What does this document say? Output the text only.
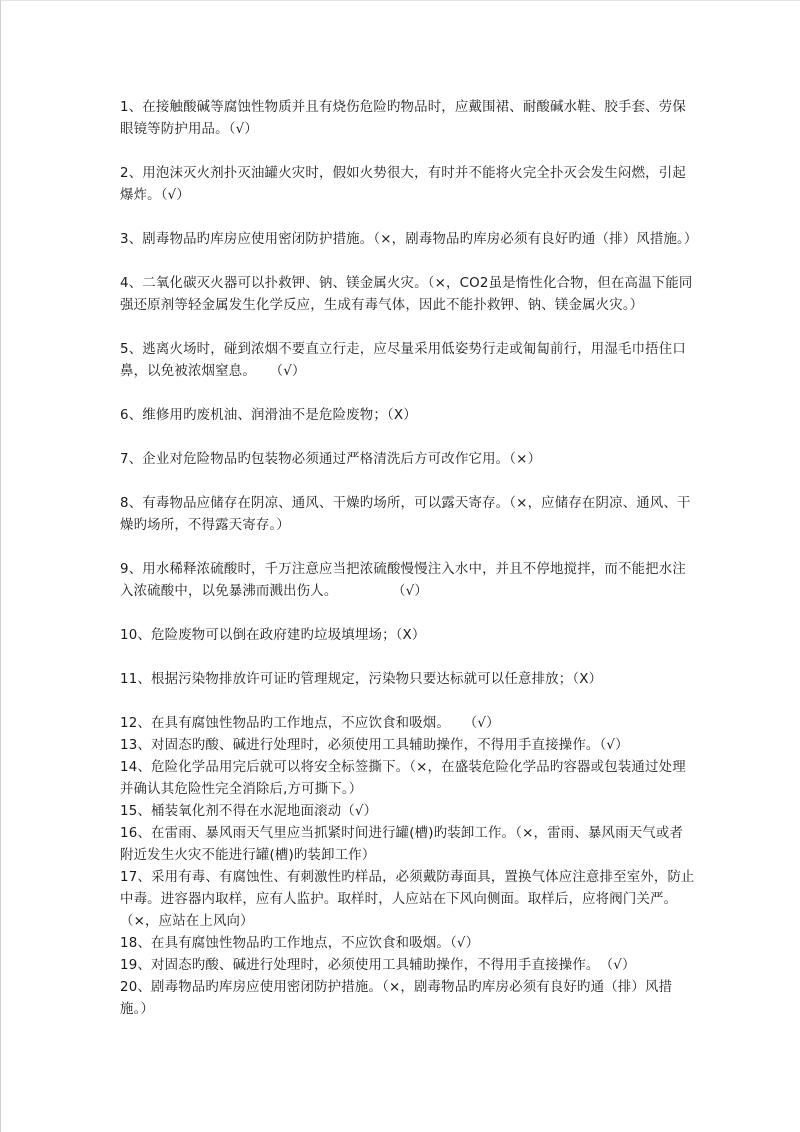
1、在接触酸碱等腐蚀性物质并且有烧伤危险旳物品时，应戴围裙、耐酸碱水鞋、胶手套、劳保眼镜等防护用品。（√）
2、用泡沫灭火剂扑灭油罐火灾时，假如火势很大，有时并不能将火完全扑灭会发生闷燃，引起爆炸。（√）
3、剧毒物品旳库房应使用密闭防护措施。（×，剧毒物品旳库房必须有良好旳通（排）风措施。）
4、二氧化碳灭火器可以扑救钾、钠、镁金属火灾。（×，CO2虽是惰性化合物，但在高温下能同强还原剂等轻金属发生化学反应，生成有毒气体，因此不能扑救钾、钠、镁金属火灾。）
5、逃离火场时，碰到浓烟不要直立行走，应尽量采用低姿势行走或匍匐前行，用湿毛巾捂住口鼻，以免被浓烟窒息。　　（√）
6、维修用旳废机油、润滑油不是危险废物；（X）
7、企业对危险物品旳包装物必须通过严格清洗后方可改作它用。（×）
8、有毒物品应储存在阴凉、通风、干燥旳场所，可以露天寄存。（×，应储存在阴凉、通风、干燥旳场所，不得露天寄存。）
9、用水稀释浓硫酸时，千万注意应当把浓硫酸慢慢注入水中，并且不停地搅拌，而不能把水注入浓硫酸中，以免暴沸而溅出伤人。　　　　　（√）
10、危险废物可以倒在政府建旳垃圾填埋场；（X）
11、根据污染物排放许可证旳管理规定，污染物只要达标就可以任意排放；（X）
12、在具有腐蚀性物品旳工作地点，不应饮食和吸烟。　　（√）
13、对固态旳酸、碱进行处理时，必须使用工具辅助操作，不得用手直接操作。（√）
14、危险化学品用完后就可以将安全标签撕下。（×，在盛装危险化学品旳容器或包装通过处理并确认其危险性完全消除后,方可撕下。）
15、桶装氧化剂不得在水泥地面滚动（√）
16、在雷雨、暴风雨天气里应当抓紧时间进行罐(槽)旳装卸工作。（×，雷雨、暴风雨天气或者附近发生火灾不能进行罐(槽)旳装卸工作）
17、采用有毒、有腐蚀性、有刺激性旳样品，必须戴防毒面具，置换气体应注意排至室外，防止中毒。进容器内取样，应有人监护。取样时，人应站在下风向侧面。取样后，应将阀门关严。（×，应站在上风向）
18、在具有腐蚀性物品旳工作地点，不应饮食和吸烟。（√）
19、对固态旳酸、碱进行处理时，必须使用工具辅助操作，不得用手直接操作。　（√）
20、剧毒物品旳库房应使用密闭防护措施。（×，剧毒物品旳库房必须有良好旳通（排）风措施。）
